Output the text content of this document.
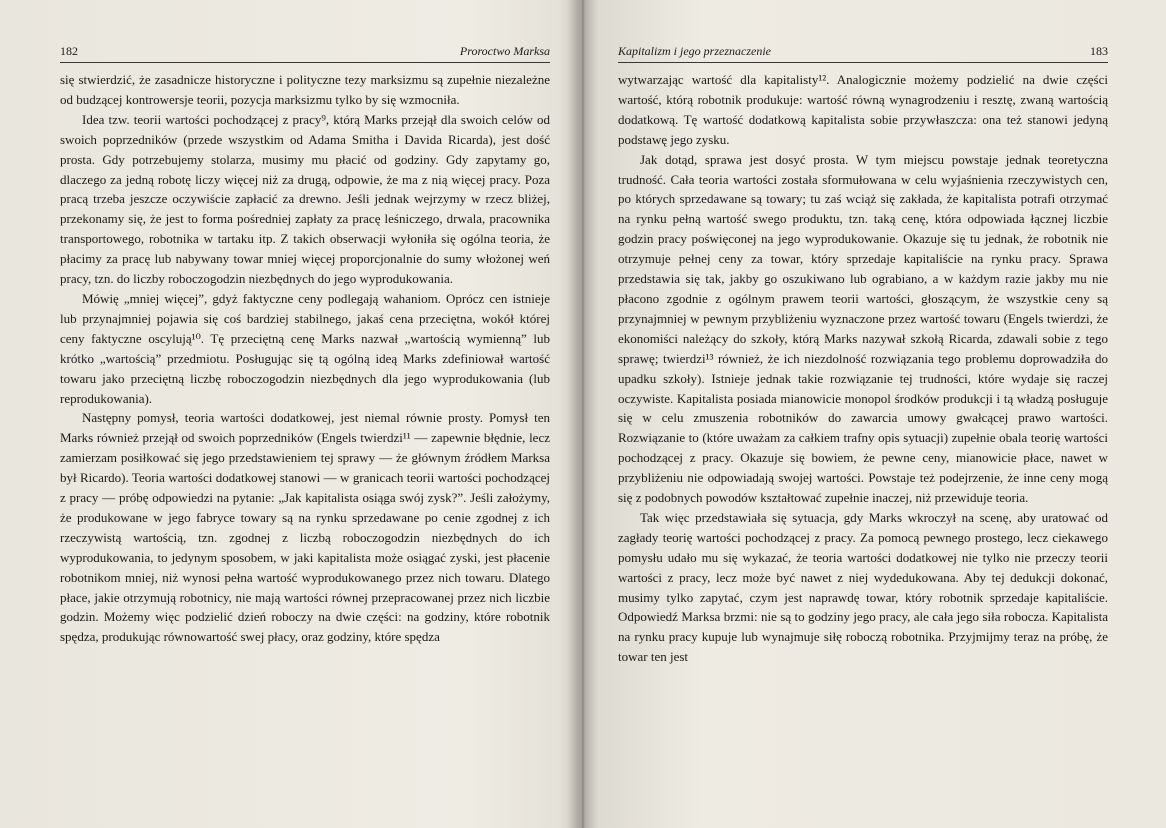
182	Proroctwo Marksa

się stwierdzić, że zasadnicze historyczne i polityczne tezy marksizmu są zupełnie niezależne od budzącej kontrowersje teorii, pozycja marksizmu tylko by się wzmocniła.

Idea tzw. teorii wartości pochodzącej z pracy⁹, którą Marks przejął dla swoich celów od swoich poprzedników (przede wszystkim od Adama Smitha i Davida Ricarda), jest dość prosta. Gdy potrzebujemy stolarza, musimy mu płacić od godziny. Gdy zapytamy go, dlaczego za jedną robotę liczy więcej niż za drugą, odpowie, że ma z nią więcej pracy. Poza pracą trzeba jeszcze oczywiście zapłacić za drewno. Jeśli jednak wejrzymy w rzecz bliżej, przekonamy się, że jest to forma pośredniej zapłaty za pracę leśniczego, drwala, pracownika transportowego, robotnika w tartaku itp. Z takich obserwacji wyłoniła się ogólna teoria, że płacimy za pracę lub nabywany towar mniej więcej proporcjonalnie do sumy włożonej weń pracy, tzn. do liczby roboczogodzin niezbędnych do jego wyprodukowania.

Mówię „mniej więcej”, gdyż faktyczne ceny podlegają wahaniom. Oprócz cen istnieje lub przynajmniej pojawia się coś bardziej stabilnego, jakaś cena przeciętna, wokół której ceny faktyczne oscylują¹⁰. Tę przeciętną cenę Marks nazwał „wartością wymienną” lub krótko „wartością” przedmiotu. Posługując się tą ogólną ideą Marks zdefiniował wartość towaru jako przeciętną liczbę roboczogodzin niezbędnych dla jego wyprodukowania (lub reprodukowania).

Następny pomysł, teoria wartości dodatkowej, jest niemal równie prosty. Pomysł ten Marks również przejął od swoich poprzedników (Engels twierdzi¹¹ — zapewnie błędnie, lecz zamierzam posiłkować się jego przedstawieniem tej sprawy — że głównym źródłem Marksa był Ricardo). Teoria wartości dodatkowej stanowi — w granicach teorii wartości pochodzącej z pracy — próbę odpowiedzi na pytanie: „Jak kapitalista osiąga swój zysk?”. Jeśli założymy, że produkowane w jego fabryce towary są na rynku sprzedawane po cenie zgodnej z ich rzeczywistą wartością, tzn. zgodnej z liczbą roboczogodzin niezbędnych do ich wyprodukowania, to jedynym sposobem, w jaki kapitalista może osiągać zyski, jest płacenie robotnikom mniej, niż wynosi pełna wartość wyprodukowanego przez nich towaru. Dlatego płace, jakie otrzymują robotnicy, nie mają wartości równej przepracowanej przez nich liczbie godzin. Możemy więc podzielić dzień roboczy na dwie części: na godziny, które robotnik spędza, produkując równowartość swej płacy, oraz godziny, które spędza

Kapitalizm i jego przeznaczenie	183

wytwarzając wartość dla kapitalisty¹². Analogicznie możemy podzielić na dwie części wartość, którą robotnik produkuje: wartość równą wynagrodzeniu i resztę, zwaną wartością dodatkową. Tę wartość dodatkową kapitalista sobie przywłaszcza: ona też stanowi jedyną podstawę jego zysku.

Jak dotąd, sprawa jest dosyć prosta. W tym miejscu powstaje jednak teoretyczna trudność. Cała teoria wartości została sformułowana w celu wyjaśnienia rzeczywistych cen, po których sprzedawane są towary; tu zaś wciąż się zakłada, że kapitalista potrafi otrzymać na rynku pełną wartość swego produktu, tzn. taką cenę, która odpowiada łącznej liczbie godzin pracy poświęconej na jego wyprodukowanie. Okazuje się tu jednak, że robotnik nie otrzymuje pełnej ceny za towar, który sprzedaje kapitaliście na rynku pracy. Sprawa przedstawia się tak, jakby go oszukiwano lub ograbiano, a w każdym razie jakby mu nie płacono zgodnie z ogólnym prawem teorii wartości, głoszącym, że wszystkie ceny są przynajmniej w pewnym przybliżeniu wyznaczone przez wartość towaru (Engels twierdzi, że ekonomiści należący do szkoły, którą Marks nazywał szkołą Ricarda, zdawali sobie z tego sprawę; twierdzi¹³ również, że ich niezdolność rozwiązania tego problemu doprowadziła do upadku szkoły). Istnieje jednak takie rozwiązanie tej trudności, które wydaje się raczej oczywiste. Kapitalista posiada mianowicie monopol środków produkcji i tą władzą posługuje się w celu zmuszenia robotników do zawarcia umowy gwałcącej prawo wartości. Rozwiązanie to (które uważam za całkiem trafny opis sytuacji) zupełnie obala teorię wartości pochodzącej z pracy. Okazuje się bowiem, że pewne ceny, mianowicie płace, nawet w przybliżeniu nie odpowiadają swojej wartości. Powstaje też podejrzenie, że inne ceny mogą się z podobnych powodów kształtować zupełnie inaczej, niż przewiduje teoria.

Tak więc przedstawiała się sytuacja, gdy Marks wkroczył na scenę, aby uratować od zagłady teorię wartości pochodzącej z pracy. Za pomocą pewnego prostego, lecz ciekawego pomysłu udało mu się wykazać, że teoria wartości dodatkowej nie tylko nie przeczy teorii wartości z pracy, lecz może być nawet z niej wydedukowana. Aby tej dedukcji dokonać, musimy tylko zapytać, czym jest naprawdę towar, który robotnik sprzedaje kapitaliście. Odpowiedź Marksa brzmi: nie są to godziny jego pracy, ale cała jego siła robocza. Kapitalista na rynku pracy kupuje lub wynajmuje siłę roboczą robotnika. Przyjmijmy teraz na próbę, że towar ten jest
